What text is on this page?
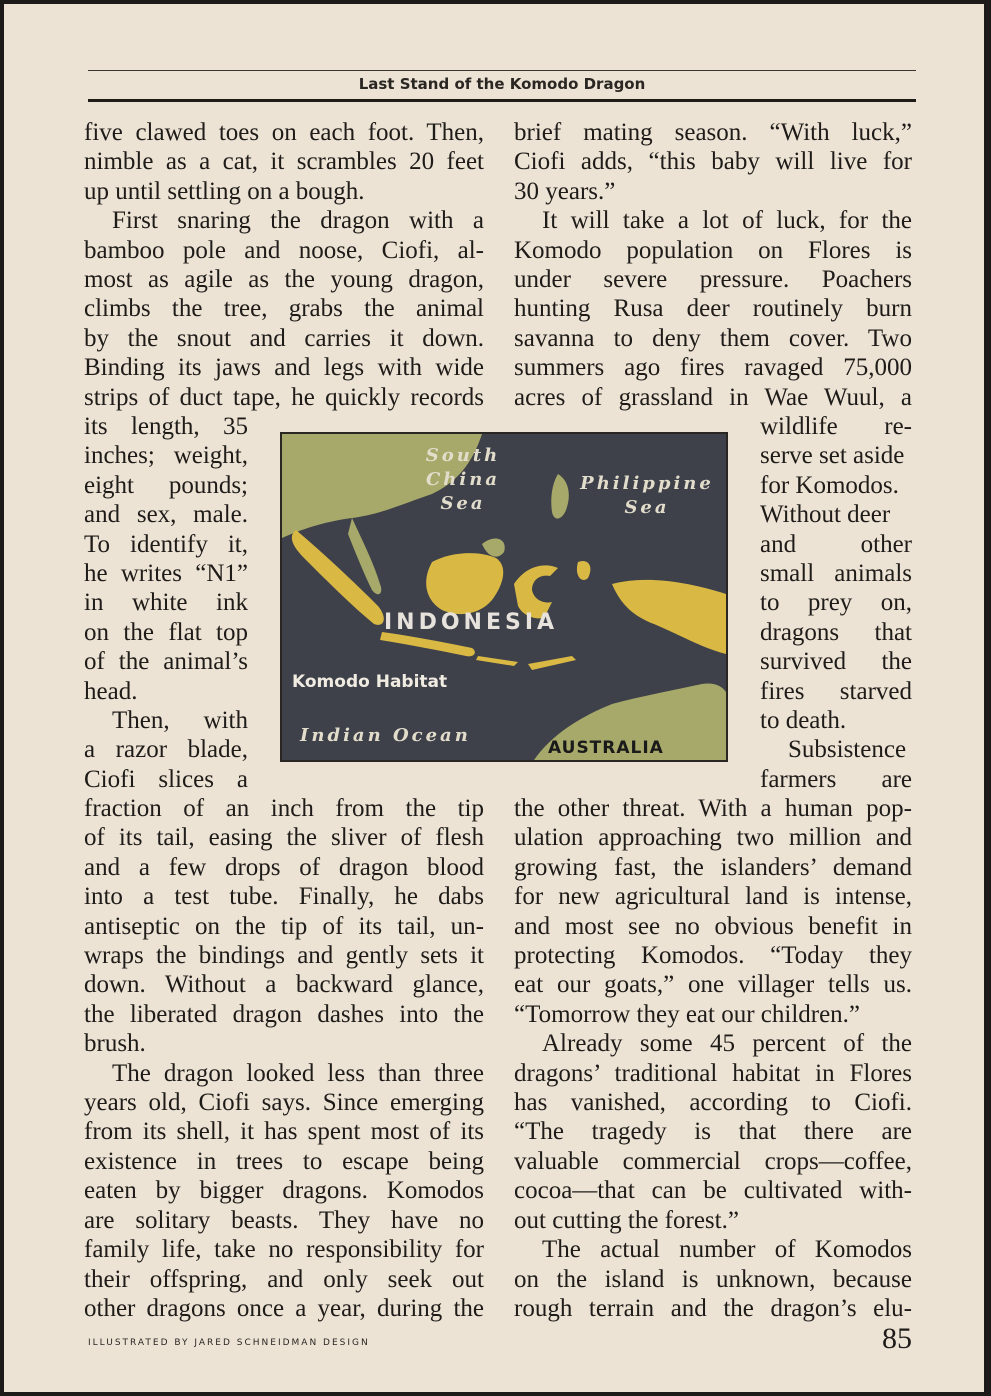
Last Stand of the Komodo Dragon

five clawed toes on each foot. Then,

nimble as a cat, it scrambles 20 feet

up until settling on a bough.

First snaring the dragon with a

bamboo pole and noose, Ciofi, al-

most as agile as the young dragon,

climbs the tree, grabs the animal

by the snout and carries it down.

Binding its jaws and legs with wide

strips of duct tape, he quickly records

its length, 35

inches; weight,

eight pounds;

and sex, male.

To identify it,

he writes “N1”

in white ink

on the flat top

of the animal’s

head.

Then, with

a razor blade,

Ciofi slices a

fraction of an inch from the tip

of its tail, easing the sliver of flesh

and a few drops of dragon blood

into a test tube. Finally, he dabs

antiseptic on the tip of its tail, un-

wraps the bindings and gently sets it

down. Without a backward glance,

the liberated dragon dashes into the

brush.

The dragon looked less than three

years old, Ciofi says. Since emerging

from its shell, it has spent most of its

existence in trees to escape being

eaten by bigger dragons. Komodos

are solitary beasts. They have no

family life, take no responsibility for

their offspring, and only seek out

other dragons once a year, during the

brief mating season. “With luck,”

Ciofi adds, “this baby will live for

30 years.”

It will take a lot of luck, for the

Komodo population on Flores is

under severe pressure. Poachers

hunting Rusa deer routinely burn

savanna to deny them cover. Two

summers ago fires ravaged 75,000

acres of grassland in Wae Wuul, a

wildlife re-

serve set aside

for Komodos.

Without deer

and other

small animals

to prey on,

dragons that

survived the

fires starved

to death.

Subsistence

farmers are

the other threat. With a human pop-

ulation approaching two million and

growing fast, the islanders’ demand

for new agricultural land is intense,

and most see no obvious benefit in

protecting Komodos. “Today they

eat our goats,” one villager tells us.

“Tomorrow they eat our children.”

Already some 45 percent of the

dragons’ traditional habitat in Flores

has vanished, according to Ciofi.

“The tragedy is that there are

valuable commercial crops—coffee,

cocoa—that can be cultivated with-

out cutting the forest.”

The actual number of Komodos

on the island is unknown, because

rough terrain and the dragon’s elu-

South
China
Sea
Philippine
Sea
INDONESIA
Komodo Habitat
Indian Ocean
AUSTRALIA
ILLUSTRATED BY JARED SCHNEIDMAN DESIGN	85
